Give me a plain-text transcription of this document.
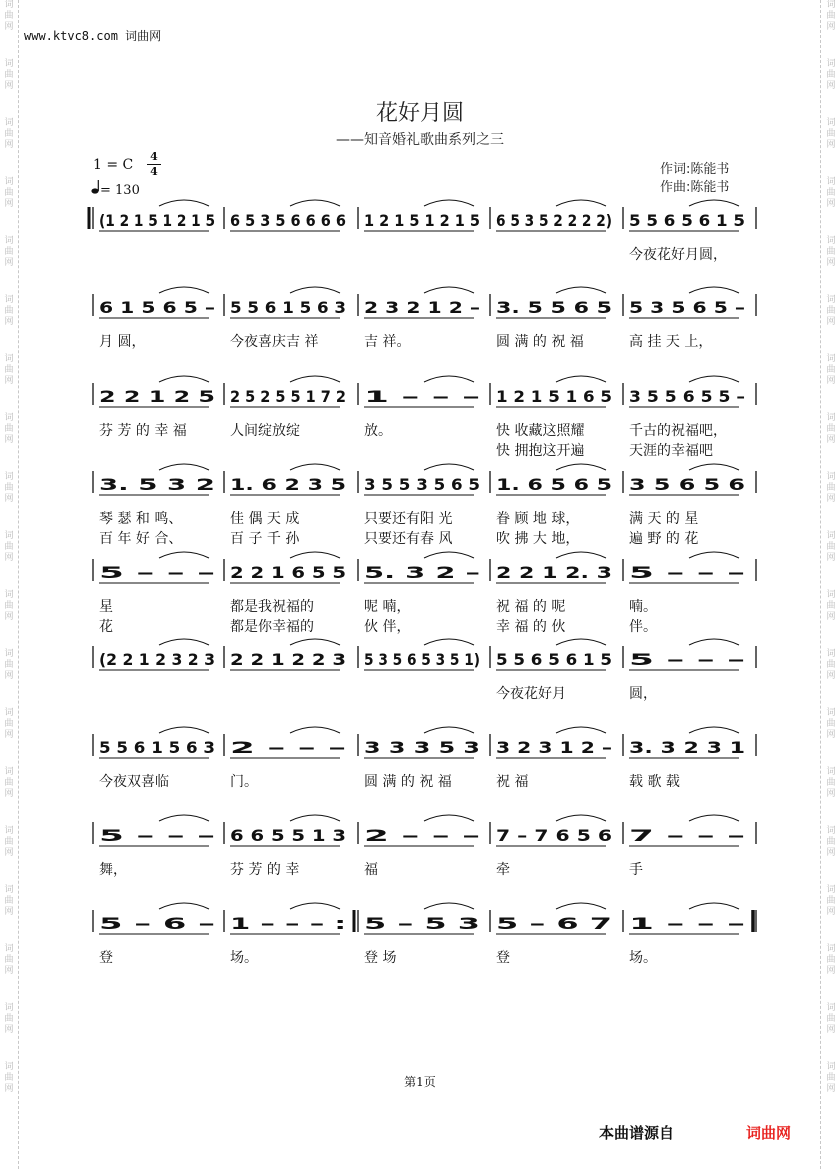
词
曲
网
词
曲
网
词
曲
网
词
曲
网
词
曲
网
词
曲
网
词
曲
网
词
曲
网
词
曲
网
词
曲
网
词
曲
网
词
曲
网
词
曲
网
词
曲
网
词
曲
网
词
曲
网
词
曲
网
词
曲
网
词
曲
网
词
曲
网
词
曲
网
词
曲
网
词
曲
网
词
曲
网
词
曲
网
词
曲
网
词
曲
网
词
曲
网
词
曲
网
词
曲
网
词
曲
网
词
曲
网
词
曲
网
词
曲
网
词
曲
网
词
曲
网
词
曲
网
词
曲
网
www.ktvc8.com 词曲网
花好月圆
——知音婚礼歌曲系列之三
1 = C
4
4
= 130
作词:陈能书
作曲:陈能书
(1 2 1 5 1 2 1 5 6 5 3 5 6 6 6 6 1 2 1 5 1 2 1 5 6 5 3 5 2 2 2 2) 5 5 6 5 6 1 5
今夜花好月圆，
6 1 5 6 5 –
月 圆，
5 5 6 1 5 6 3
今夜喜庆吉 祥
2 3 2 1 2 –
吉 祥。
3. 5 5 6 5
圆 满 的 祝 福
5 3 5 6 5 –
高 挂 天 上，
2 2 1 2 5
芬 芳 的 幸 福
2 5 2 5 5 1 7 2
人间绽放绽
1 – – –
放。
1 2 1 5 1 6 5
快 收藏这照耀
快 拥抱这开遍
3 5 5 6 5 5 –
千古的祝福吧，
天涯的幸福吧
3. 5 3 2
琴 瑟 和 鸣、
百 年 好 合、
1. 6 2 3 5
佳 偶 天 成
百 子 千 孙
3 5 5 3 5 6 5
只要还有阳 光
只要还有春 风
1. 6 5 6 5
眷 顾 地 球，
吹 拂 大 地，
3 5 6 5 6
满 天 的 星
遍 野 的 花
5 – – –
星
花
2 2 1 6 5 5
都是我祝福的
都是你幸福的
5. 3 2 –
呢 喃，
伙 伴，
2 2 1 2. 3
祝 福 的 呢
幸 福 的 伙
5 – – –
喃。
伴。
(2 2 1 2 3 2 3 2 2 1 2 2 3 5 3 5 6 5 3 5 1) 5 5 6 5 6 1 5
今夜花好月
5 – – –
圆，
5 5 6 1 5 6 3
今夜双喜临
2 – – –
门。
3 3 3 5 3
圆 满 的 祝 福
3 2 3 1 2 –
祝 福
3. 3 2 3 1
载 歌 载
5 – – –
舞，
6 6 5 5 1 3
芬 芳 的 幸
2 – – –
福
7 – 7 6 5 6
牵
7 – – –
手
5 – 6 –
登
1 – – – :
场。
5 – 5 3
登 场
5 – 6 7
登
1 – – –
场。
第1页
本曲谱源自	词曲网
